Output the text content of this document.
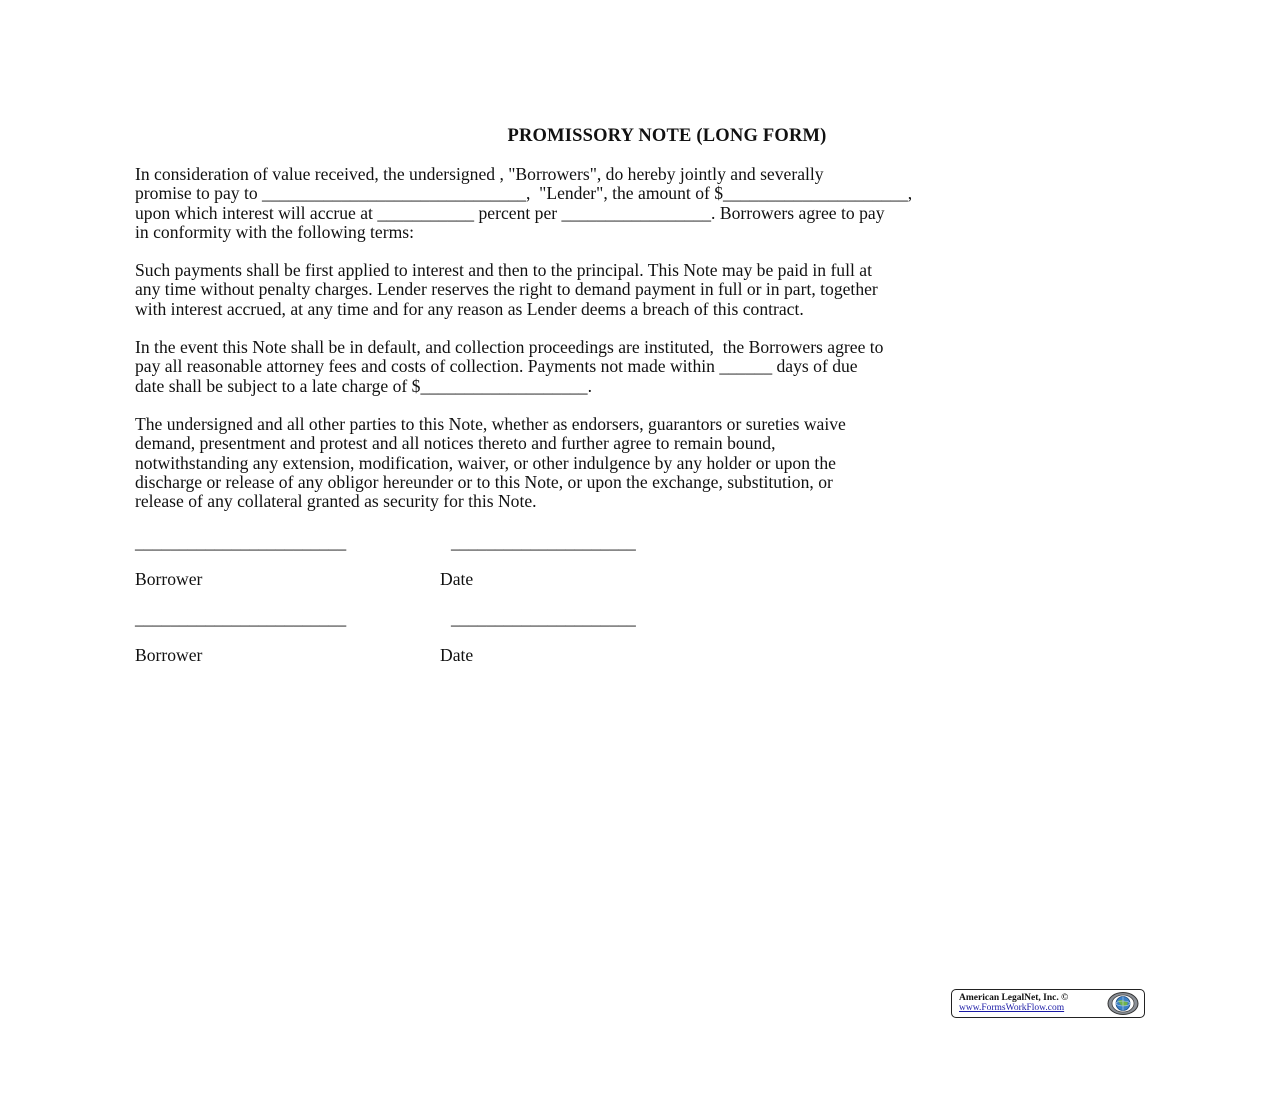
PROMISSORY NOTE (LONG FORM)
In consideration of value received, the undersigned , "Borrowers", do hereby jointly and severally
promise to pay to ______________________________,  "Lender", the amount of $_____________________,
upon which interest will accrue at ___________ percent per _________________. Borrowers agree to pay
in conformity with the following terms:
Such payments shall be first applied to interest and then to the principal. This Note may be paid in full at
any time without penalty charges. Lender reserves the right to demand payment in full or in part, together
with interest accrued, at any time and for any reason as Lender deems a breach of this contract.
In the event this Note shall be in default, and collection proceedings are instituted,  the Borrowers agree to
pay all reasonable attorney fees and costs of collection. Payments not made within ______ days of due
date shall be subject to a late charge of $___________________.
The undersigned and all other parties to this Note, whether as endorsers, guarantors or sureties waive
demand, presentment and protest and all notices thereto and further agree to remain bound,
notwithstanding any extension, modification, waiver, or other indulgence by any holder or upon the
discharge or release of any obligor hereunder or to this Note, or upon the exchange, substitution, or
release of any collateral granted as security for this Note.
________________________	_____________________
Borrower	Date
________________________	_____________________
Borrower	Date
American LegalNet, Inc. ©
www.FormsWorkFlow.com
